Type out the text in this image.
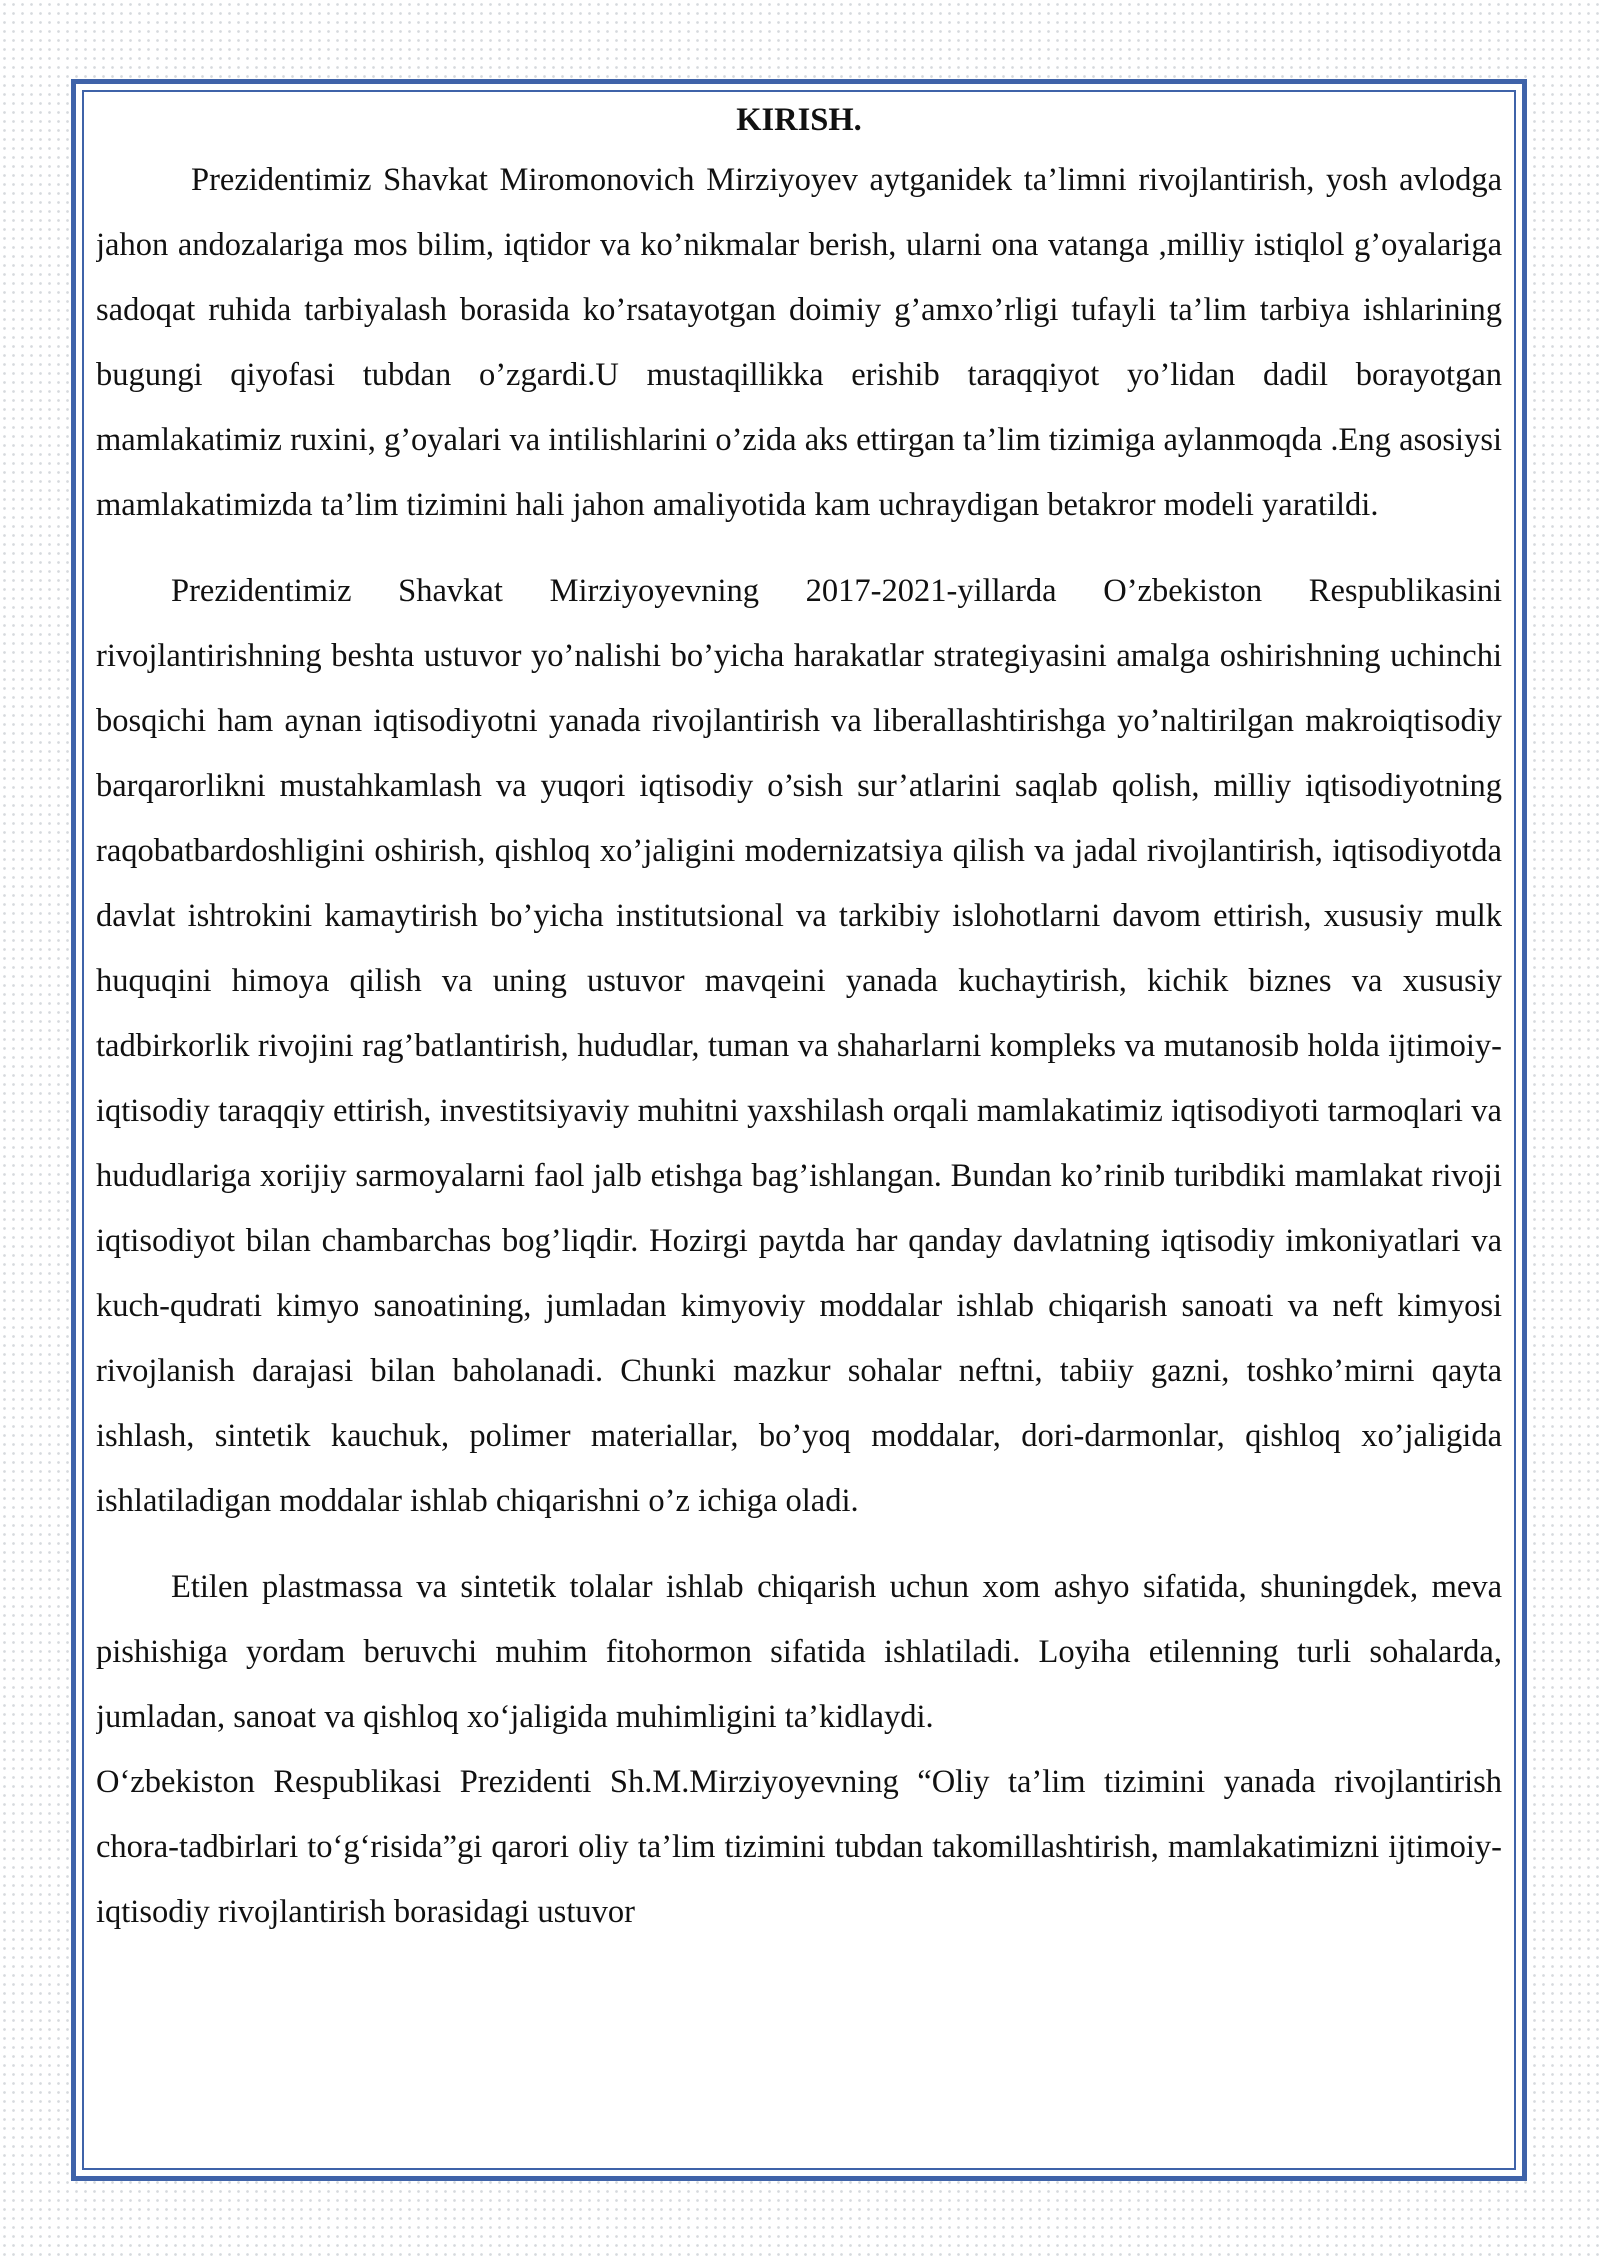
KIRISH.

Prezidentimiz Shavkat Miromonovich Mirziyoyev aytganidek ta’limni rivojlantirish, yosh avlodga jahon andozalariga mos bilim, iqtidor va ko’nikmalar berish, ularni ona vatanga ,milliy istiqlol g’oyalariga sadoqat ruhida tarbiyalash borasida ko’rsatayotgan doimiy g’amxo’rligi tufayli ta’lim tarbiya ishlarining bugungi qiyofasi tubdan o’zgardi.U mustaqillikka erishib taraqqiyot yo’lidan dadil borayotgan mamlakatimiz ruxini, g’oyalari va intilishlarini o’zida aks ettirgan ta’lim tizimiga aylanmoqda .Eng asosiysi mamlakatimizda ta’lim tizimini hali jahon amaliyotida kam uchraydigan betakror modeli yaratildi.

Prezidentimiz Shavkat Mirziyoyevning 2017-2021-yillarda O’zbekiston Respublikasini rivojlantirishning beshta ustuvor yo’nalishi bo’yicha harakatlar strategiyasini amalga oshirishning uchinchi bosqichi ham aynan iqtisodiyotni yanada rivojlantirish va liberallashtirishga yo’naltirilgan makroiqtisodiy barqarorlikni mustahkamlash va yuqori iqtisodiy o’sish sur’atlarini saqlab qolish, milliy iqtisodiyotning raqobatbardoshligini oshirish, qishloq xo’jaligini modernizatsiya qilish va jadal rivojlantirish, iqtisodiyotda davlat ishtrokini kamaytirish bo’yicha institutsional va tarkibiy islohotlarni davom ettirish, xususiy mulk huquqini himoya qilish va uning ustuvor mavqeini yanada kuchaytirish, kichik biznes va xususiy tadbirkorlik rivojini rag’batlantirish, hududlar, tuman va shaharlarni kompleks va mutanosib holda ijtimoiy-iqtisodiy taraqqiy ettirish, investitsiyaviy muhitni yaxshilash orqali mamlakatimiz iqtisodiyoti tarmoqlari va hududlariga xorijiy sarmoyalarni faol jalb etishga bag’ishlangan. Bundan ko’rinib turibdiki mamlakat rivoji iqtisodiyot bilan chambarchas bog’liqdir. Hozirgi paytda har qanday davlatning iqtisodiy imkoniyatlari va kuch-qudrati kimyo sanoatining, jumladan kimyoviy moddalar ishlab chiqarish sanoati va neft kimyosi rivojlanish darajasi bilan baholanadi. Chunki mazkur sohalar neftni, tabiiy gazni, toshko’mirni qayta ishlash, sintetik kauchuk, polimer materiallar, bo’yoq moddalar, dori-darmonlar, qishloq xo’jaligida ishlatiladigan moddalar ishlab chiqarishni o’z ichiga oladi.

Etilen plastmassa va sintetik tolalar ishlab chiqarish uchun xom ashyo sifatida, shuningdek, meva pishishiga yordam beruvchi muhim fitohormon sifatida ishlatiladi. Loyiha etilenning turli sohalarda, jumladan, sanoat va qishloq xo‘jaligida muhimligini ta’kidlaydi.

O‘zbekiston Respublikasi Prezidenti Sh.M.Mirziyoyevning “Oliy ta’lim tizimini yanada rivojlantirish chora-tadbirlari to‘g‘risida”gi qarori oliy ta’lim tizimini tubdan takomillashtirish, mamlakatimizni ijtimoiy-iqtisodiy rivojlantirish borasidagi ustuvor
